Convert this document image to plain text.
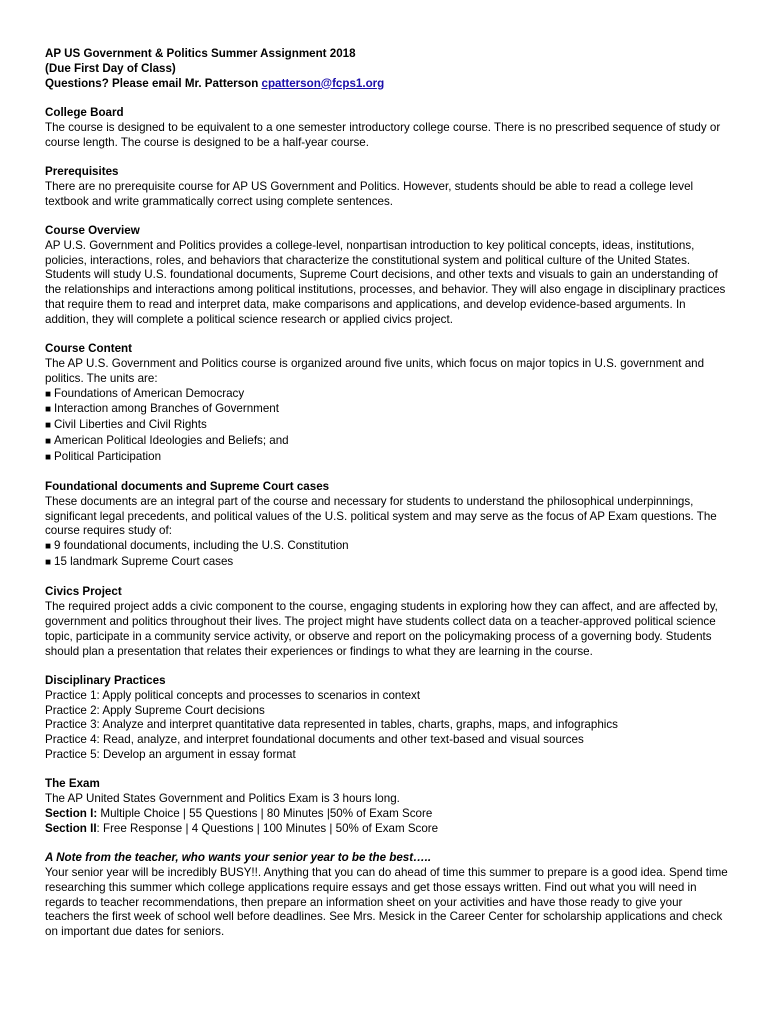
AP US Government & Politics Summer Assignment 2018
(Due First Day of Class)
Questions? Please email Mr. Patterson cpatterson@fcps1.org
College Board

The course is designed to be equivalent to a one semester introductory college course. There is no prescribed sequence of study or course length. The course is designed to be a half-year course.

Prerequisites

There are no prerequisite course for AP US Government and Politics. However, students should be able to read a college level textbook and write grammatically correct using complete sentences.

Course Overview

AP U.S. Government and Politics provides a college-level, nonpartisan introduction to key political concepts, ideas, institutions, policies, interactions, roles, and behaviors that characterize the constitutional system and political culture of the United States. Students will study U.S. foundational documents, Supreme Court decisions, and other texts and visuals to gain an understanding of the relationships and interactions among political institutions, processes, and behavior. They will also engage in disciplinary practices that require them to read and interpret data, make comparisons and applications, and develop evidence-based arguments. In addition, they will complete a political science research or applied civics project.

Course Content

The AP U.S. Government and Politics course is organized around five units, which focus on major topics in U.S. government and politics. The units are:

■ Foundations of American Democracy
■ Interaction among Branches of Government
■ Civil Liberties and Civil Rights
■ American Political Ideologies and Beliefs; and
■ Political Participation
Foundational documents and Supreme Court cases

These documents are an integral part of the course and necessary for students to understand the philosophical underpinnings, significant legal precedents, and political values of the U.S. political system and may serve as the focus of AP Exam questions. The course requires study of:

■ 9 foundational documents, including the U.S. Constitution
■ 15 landmark Supreme Court cases
Civics Project

The required project adds a civic component to the course, engaging students in exploring how they can affect, and are affected by, government and politics throughout their lives. The project might have students collect data on a teacher-approved political science topic, participate in a community service activity, or observe and report on the policymaking process of a governing body. Students should plan a presentation that relates their experiences or findings to what they are learning in the course.

Disciplinary Practices
Practice 1: Apply political concepts and processes to scenarios in context
Practice 2: Apply Supreme Court decisions
Practice 3: Analyze and interpret quantitative data represented in tables, charts, graphs, maps, and infographics
Practice 4: Read, analyze, and interpret foundational documents and other text-based and visual sources
Practice 5: Develop an argument in essay format
The Exam

The AP United States Government and Politics Exam is 3 hours long.

Section I: Multiple Choice | 55 Questions | 80 Minutes |50% of Exam Score

Section II: Free Response | 4 Questions | 100 Minutes | 50% of Exam Score

A Note from the teacher, who wants your senior year to be the best…..

Your senior year will be incredibly BUSY!!. Anything that you can do ahead of time this summer to prepare is a good idea. Spend time researching this summer which college applications require essays and get those essays written. Find out what you will need in regards to teacher recommendations, then prepare an information sheet on your activities and have those ready to give your teachers the first week of school well before deadlines. See Mrs. Mesick in the Career Center for scholarship applications and check on important due dates for seniors.
